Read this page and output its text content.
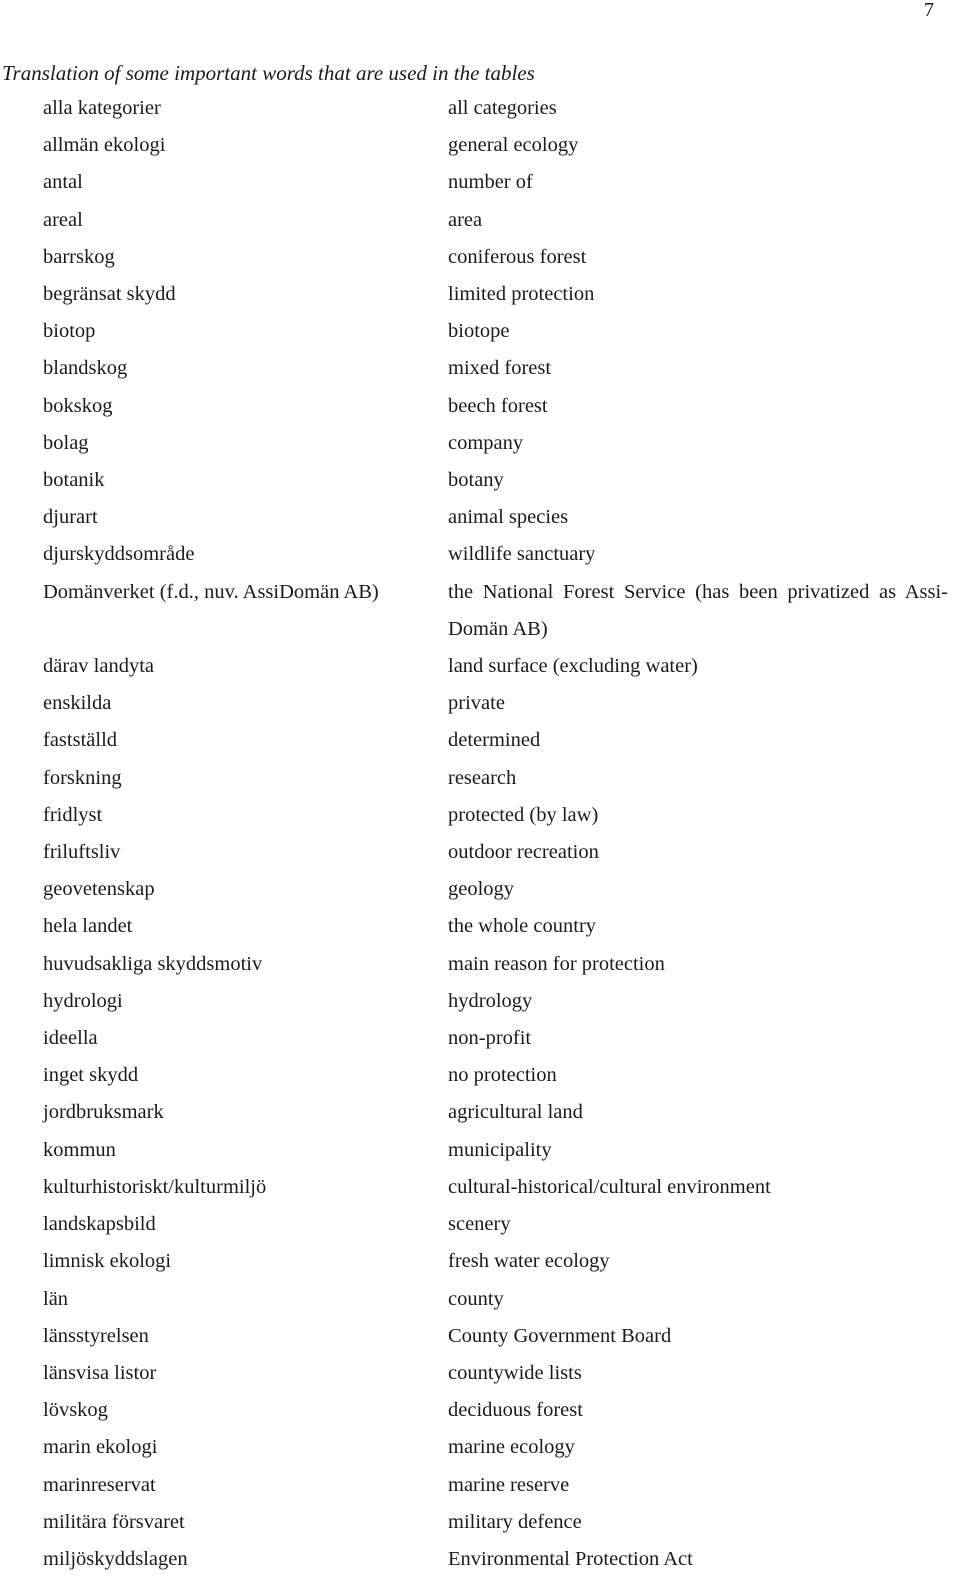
7
Translation of some important words that are used in the tables
alla kategorier	all categories
allmän ekologi	general ecology
antal	number of
areal	area
barrskog	coniferous forest
begränsat skydd	limited protection
biotop	biotope
blandskog	mixed forest
bokskog	beech forest
bolag	company
botanik	botany
djurart	animal species
djurskyddsområde	wildlife sanctuary
Domänverket (f.d., nuv. AssiDomän AB)	the National Forest Service (has been privatized as Assi-Domän AB)
därav landyta	land surface (excluding water)
enskilda	private
fastställd	determined
forskning	research
fridlyst	protected (by law)
friluftsliv	outdoor recreation
geovetenskap	geology
hela landet	the whole country
huvudsakliga skyddsmotiv	main reason for protection
hydrologi	hydrology
ideella	non-profit
inget skydd	no protection
jordbruksmark	agricultural land
kommun	municipality
kulturhistoriskt/kulturmiljö	cultural-historical/cultural environment
landskapsbild	scenery
limnisk ekologi	fresh water ecology
län	county
länsstyrelsen	County Government Board
länsvisa listor	countywide lists
lövskog	deciduous forest
marin ekologi	marine ecology
marinreservat	marine reserve
militära försvaret	military defence
miljöskyddslagen	Environmental Protection Act
